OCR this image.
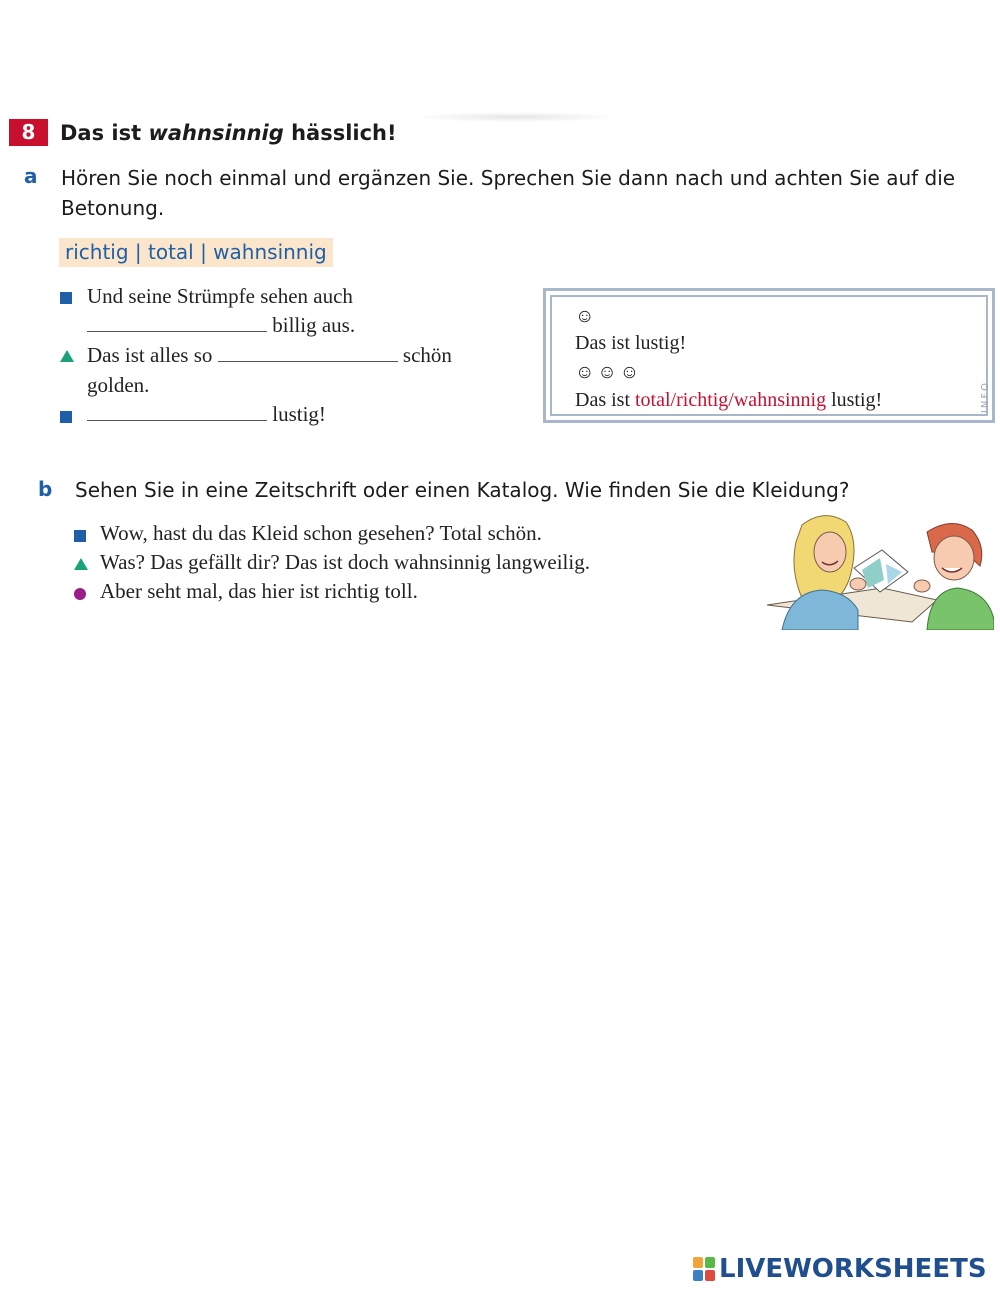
8	Das ist wahnsinnig hässlich!
a Hören Sie noch einmal und ergänzen Sie. Sprechen Sie dann nach und achten Sie auf die Betonung.
richtig | total | wahnsinnig
Und seine Strümpfe sehen auch
billig aus.
Das ist alles so	schön
golden.
lustig!
☺
Das ist lustig!
☺☺☺
Das ist total/richtig/wahnsinnig lustig!	INFO
b Sehen Sie in eine Zeitschrift oder einen Katalog. Wie finden Sie die Kleidung?
Wow, hast du das Kleid schon gesehen? Total schön.
Was? Das gefällt dir? Das ist doch wahnsinnig langweilig.
Aber seht mal, das hier ist richtig toll.
LIVEWORKSHEETS
